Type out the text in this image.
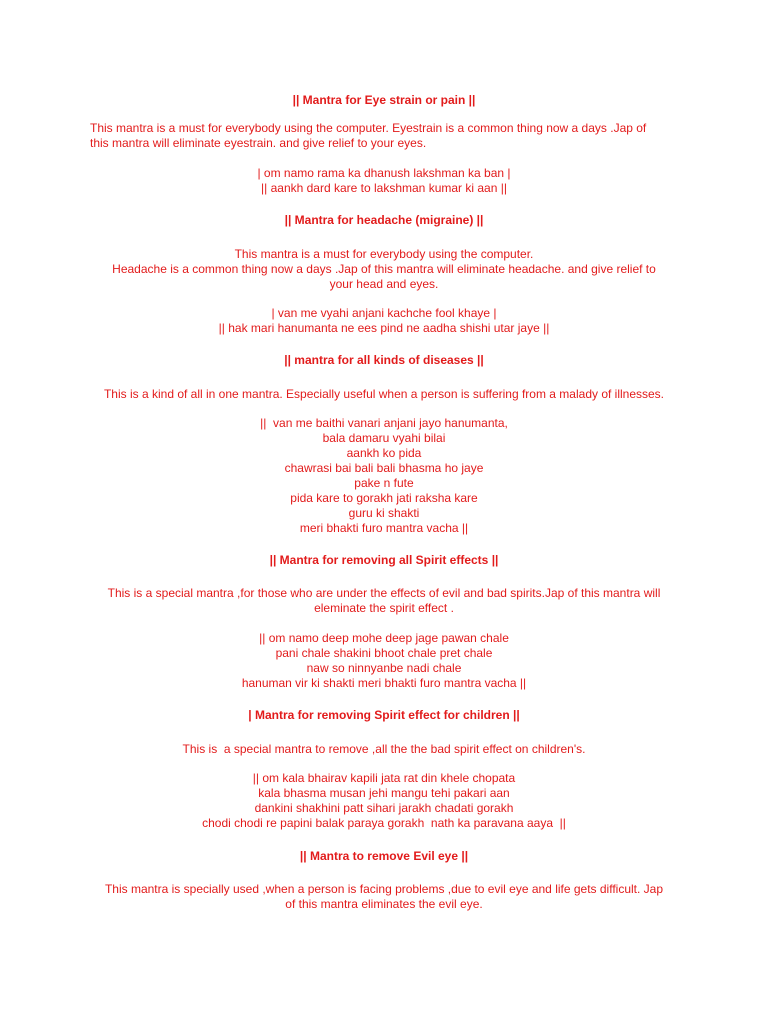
|| Mantra for Eye strain or pain ||

This mantra is a must for everybody using the computer. Eyestrain is a common thing now a days .Jap of

this mantra will eliminate eyestrain. and give relief to your eyes.

| om namo rama ka dhanush lakshman ka ban |

|| aankh dard kare to lakshman kumar ki aan ||

|| Mantra for headache (migraine) ||

This mantra is a must for everybody using the computer.

Headache is a common thing now a days .Jap of this mantra will eliminate headache. and give relief to

your head and eyes.

| van me vyahi anjani kachche fool khaye |

|| hak mari hanumanta ne ees pind ne aadha shishi utar jaye ||

|| mantra for all kinds of diseases ||

This is a kind of all in one mantra. Especially useful when a person is suffering from a malady of illnesses.

||  van me baithi vanari anjani jayo hanumanta,

bala damaru vyahi bilai

aankh ko pida

chawrasi bai bali bali bhasma ho jaye

pake n fute

pida kare to gorakh jati raksha kare

guru ki shakti

meri bhakti furo mantra vacha ||

|| Mantra for removing all Spirit effects ||

This is a special mantra ,for those who are under the effects of evil and bad spirits.Jap of this mantra will

eleminate the spirit effect .

|| om namo deep mohe deep jage pawan chale

pani chale shakini bhoot chale pret chale

naw so ninnyanbe nadi chale

hanuman vir ki shakti meri bhakti furo mantra vacha ||

| Mantra for removing Spirit effect for children ||

This is  a special mantra to remove ,all the the bad spirit effect on children's.

|| om kala bhairav kapili jata rat din khele chopata

kala bhasma musan jehi mangu tehi pakari aan

dankini shakhini patt sihari jarakh chadati gorakh

chodi chodi re papini balak paraya gorakh  nath ka paravana aaya  ||

|| Mantra to remove Evil eye ||

This mantra is specially used ,when a person is facing problems ,due to evil eye and life gets difficult. Jap

of this mantra eliminates the evil eye.
